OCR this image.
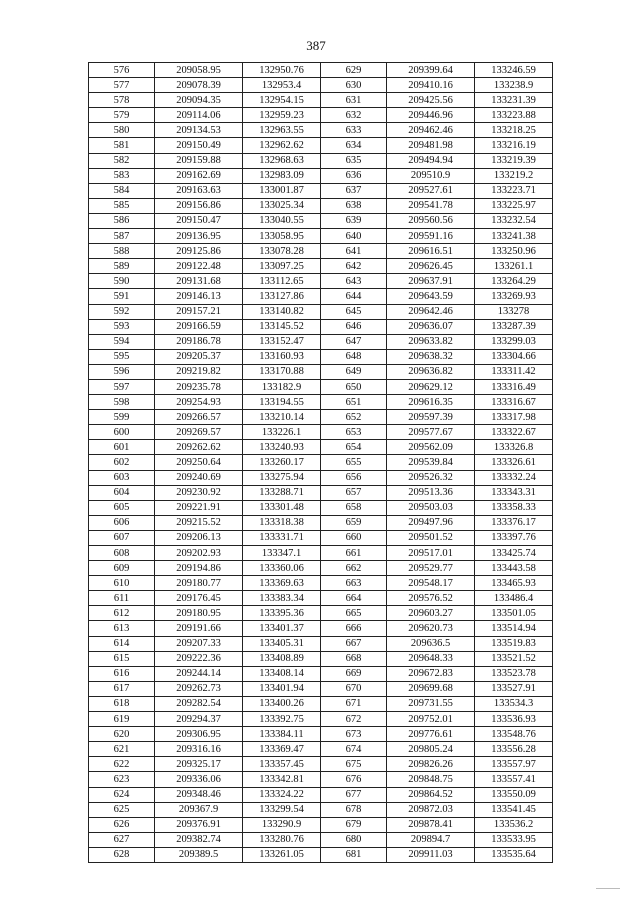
387
576	209058.95	132950.76	629	209399.64	133246.59
577	209078.39	132953.4	630	209410.16	133238.9
578	209094.35	132954.15	631	209425.56	133231.39
579	209114.06	132959.23	632	209446.96	133223.88
580	209134.53	132963.55	633	209462.46	133218.25
581	209150.49	132962.62	634	209481.98	133216.19
582	209159.88	132968.63	635	209494.94	133219.39
583	209162.69	132983.09	636	209510.9	133219.2
584	209163.63	133001.87	637	209527.61	133223.71
585	209156.86	133025.34	638	209541.78	133225.97
586	209150.47	133040.55	639	209560.56	133232.54
587	209136.95	133058.95	640	209591.16	133241.38
588	209125.86	133078.28	641	209616.51	133250.96
589	209122.48	133097.25	642	209626.45	133261.1
590	209131.68	133112.65	643	209637.91	133264.29
591	209146.13	133127.86	644	209643.59	133269.93
592	209157.21	133140.82	645	209642.46	133278
593	209166.59	133145.52	646	209636.07	133287.39
594	209186.78	133152.47	647	209633.82	133299.03
595	209205.37	133160.93	648	209638.32	133304.66
596	209219.82	133170.88	649	209636.82	133311.42
597	209235.78	133182.9	650	209629.12	133316.49
598	209254.93	133194.55	651	209616.35	133316.67
599	209266.57	133210.14	652	209597.39	133317.98
600	209269.57	133226.1	653	209577.67	133322.67
601	209262.62	133240.93	654	209562.09	133326.8
602	209250.64	133260.17	655	209539.84	133326.61
603	209240.69	133275.94	656	209526.32	133332.24
604	209230.92	133288.71	657	209513.36	133343.31
605	209221.91	133301.48	658	209503.03	133358.33
606	209215.52	133318.38	659	209497.96	133376.17
607	209206.13	133331.71	660	209501.52	133397.76
608	209202.93	133347.1	661	209517.01	133425.74
609	209194.86	133360.06	662	209529.77	133443.58
610	209180.77	133369.63	663	209548.17	133465.93
611	209176.45	133383.34	664	209576.52	133486.4
612	209180.95	133395.36	665	209603.27	133501.05
613	209191.66	133401.37	666	209620.73	133514.94
614	209207.33	133405.31	667	209636.5	133519.83
615	209222.36	133408.89	668	209648.33	133521.52
616	209244.14	133408.14	669	209672.83	133523.78
617	209262.73	133401.94	670	209699.68	133527.91
618	209282.54	133400.26	671	209731.55	133534.3
619	209294.37	133392.75	672	209752.01	133536.93
620	209306.95	133384.11	673	209776.61	133548.76
621	209316.16	133369.47	674	209805.24	133556.28
622	209325.17	133357.45	675	209826.26	133557.97
623	209336.06	133342.81	676	209848.75	133557.41
624	209348.46	133324.22	677	209864.52	133550.09
625	209367.9	133299.54	678	209872.03	133541.45
626	209376.91	133290.9	679	209878.41	133536.2
627	209382.74	133280.76	680	209894.7	133533.95
628	209389.5	133261.05	681	209911.03	133535.64
